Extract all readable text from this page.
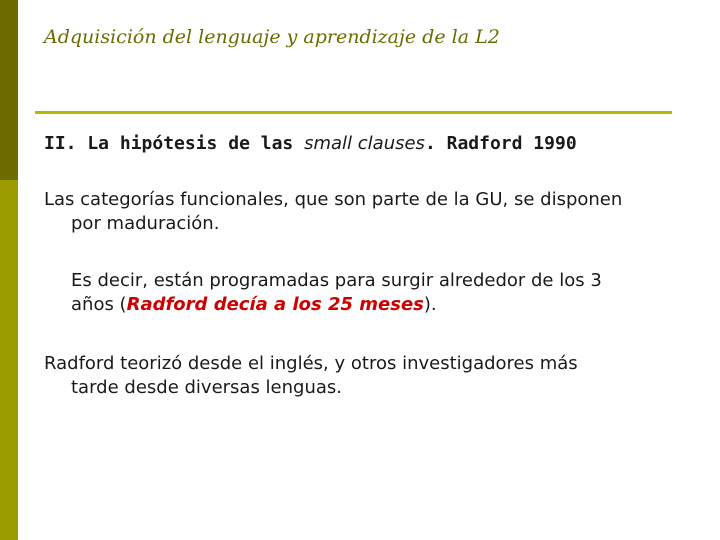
Adquisición del lenguaje y aprendizaje de la L2
II. La hipótesis de las small clauses. Radford 1990
Las categorías funcionales, que son parte de la GU, se disponen
por maduración.
Es decir, están programadas para surgir alrededor de los 3
años (Radford decía a los 25 meses).
Radford teorizó desde el inglés, y otros investigadores más
tarde desde diversas lenguas.
